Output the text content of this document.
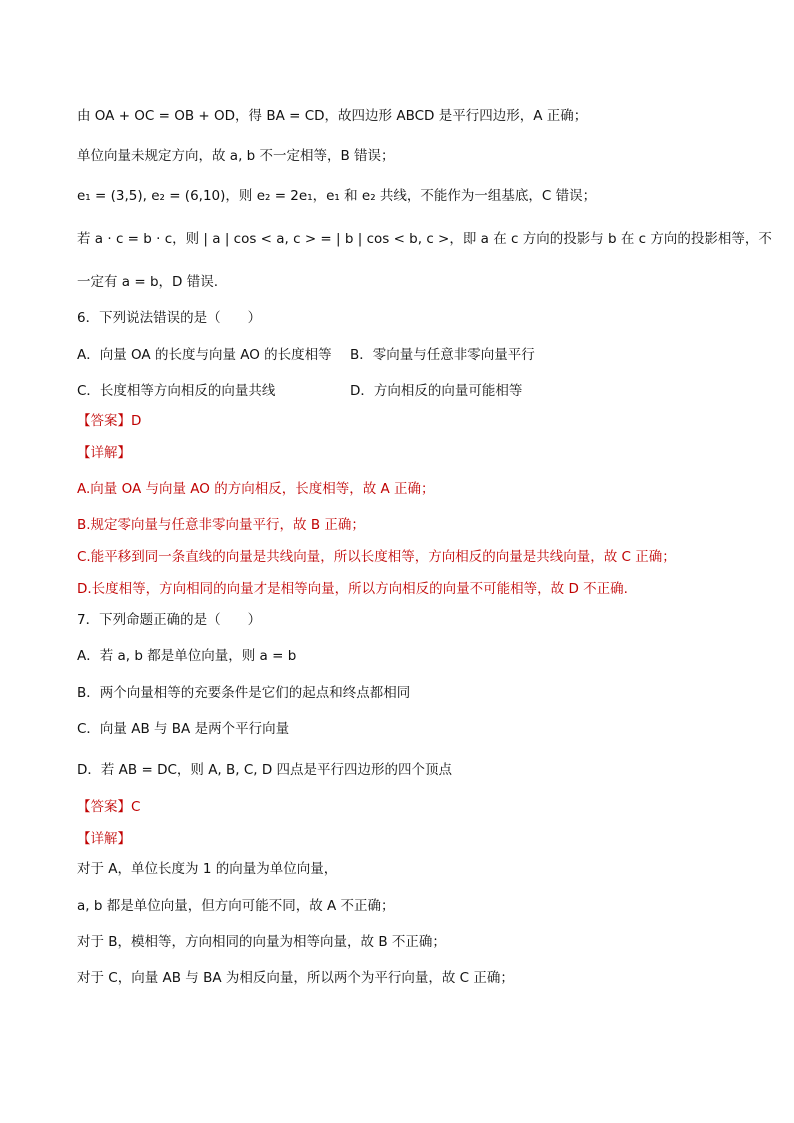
由 OA + OC = OB + OD，得 BA = CD，故四边形 ABCD 是平行四边形，A 正确；
单位向量未规定方向，故 a, b 不一定相等，B 错误；
e₁ = (3,5), e₂ = (6,10)，则 e₂ = 2e₁，e₁ 和 e₂ 共线，不能作为一组基底，C 错误；
若 a · c = b · c，则 | a | cos < a, c > = | b | cos < b, c >，即 a 在 c 方向的投影与 b 在 c 方向的投影相等，不
一定有 a = b，D 错误.
6．下列说法错误的是（　　）
A．向量 OA 的长度与向量 AO 的长度相等 B．零向量与任意非零向量平行
C．长度相等方向相反的向量共线	D．方向相反的向量可能相等
【答案】D
【详解】
A.向量 OA 与向量 AO 的方向相反，长度相等，故 A 正确；
B.规定零向量与任意非零向量平行，故 B 正确；
C.能平移到同一条直线的向量是共线向量，所以长度相等，方向相反的向量是共线向量，故 C 正确；
D.长度相等，方向相同的向量才是相等向量，所以方向相反的向量不可能相等，故 D 不正确.
7．下列命题正确的是（　　）
A．若 a, b 都是单位向量，则 a = b
B．两个向量相等的充要条件是它们的起点和终点都相同
C．向量 AB 与 BA 是两个平行向量
D．若 AB = DC，则 A, B, C, D 四点是平行四边形的四个顶点
【答案】C
【详解】
对于 A，单位长度为 1 的向量为单位向量，
a, b 都是单位向量，但方向可能不同，故 A 不正确；
对于 B，模相等，方向相同的向量为相等向量，故 B 不正确；
对于 C，向量 AB 与 BA 为相反向量，所以两个为平行向量，故 C 正确；
